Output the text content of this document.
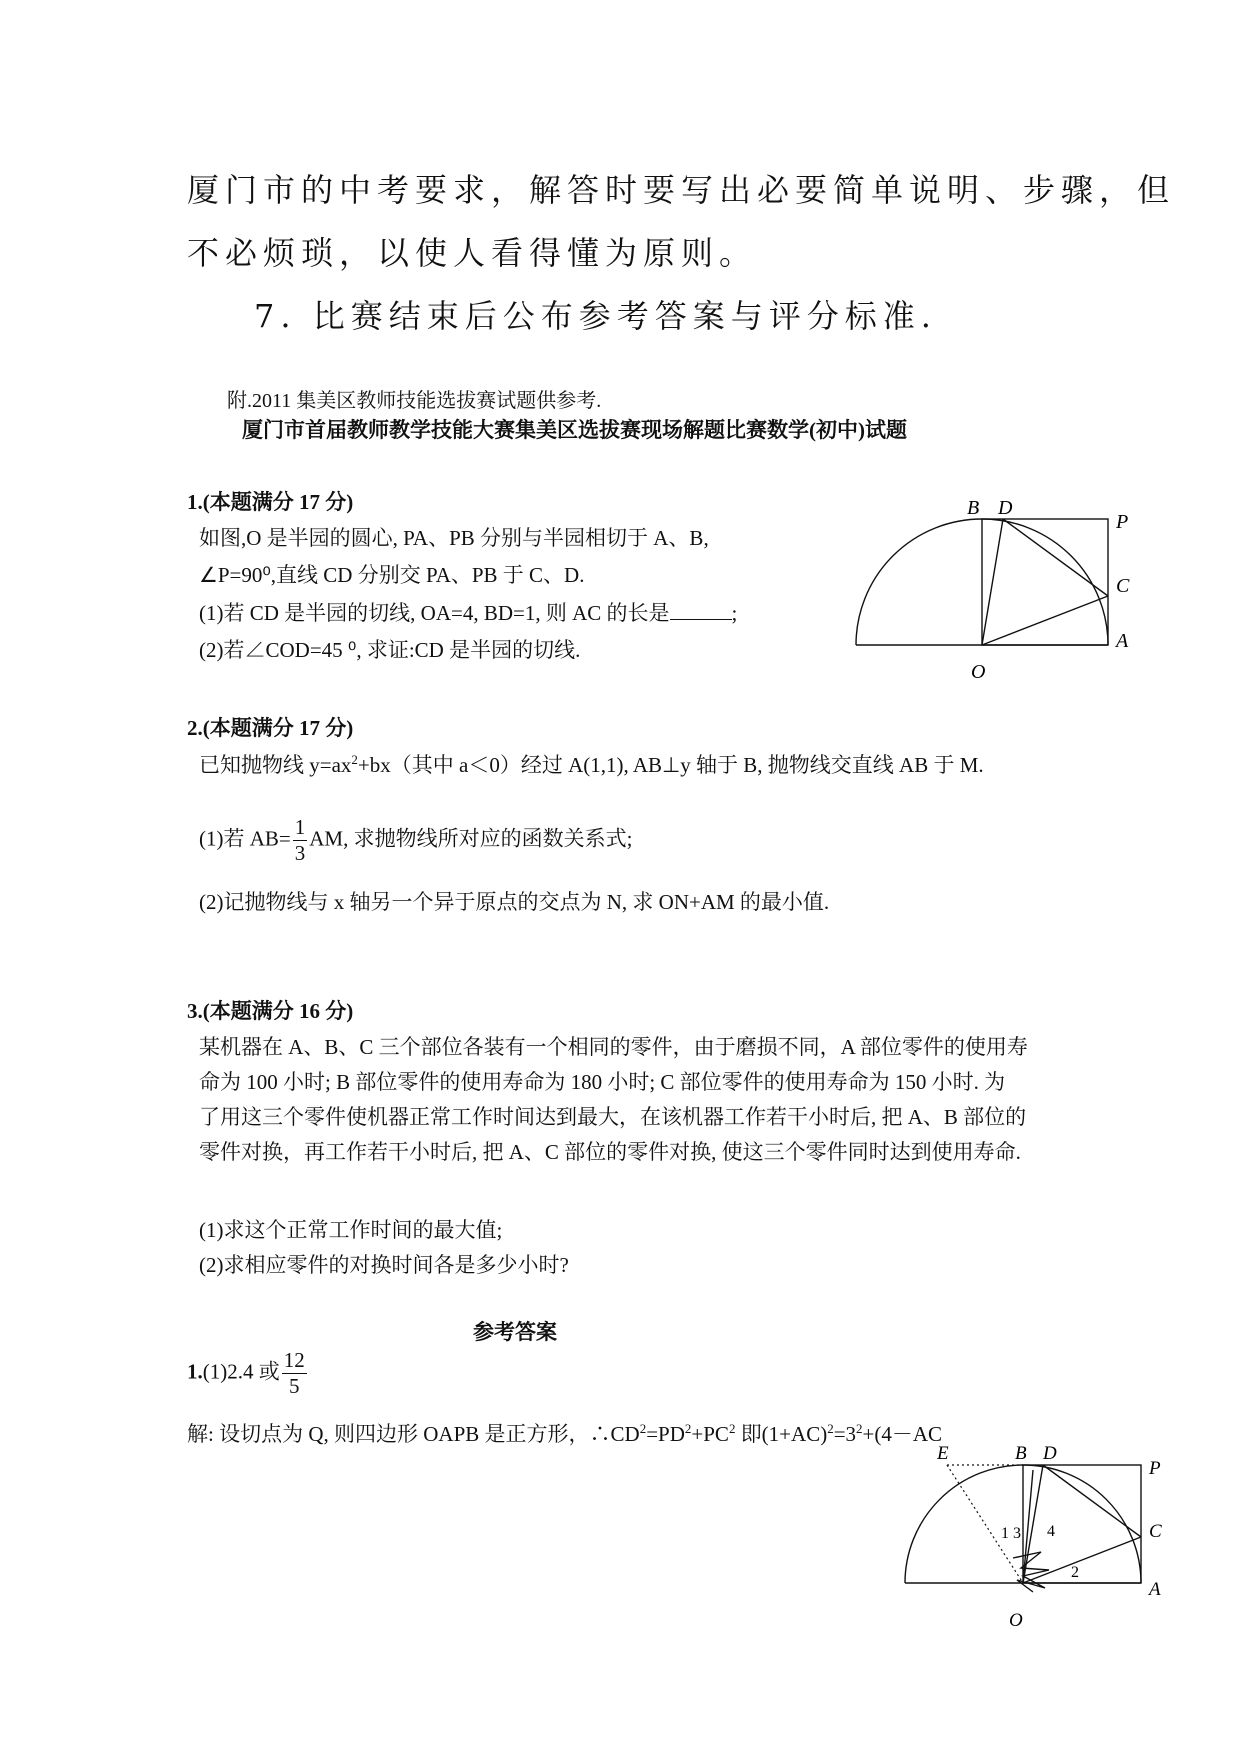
厦门市的中考要求，解答时要写出必要简单说明、步骤，但
不必烦琐，以使人看得懂为原则。
7. 比赛结束后公布参考答案与评分标准.
附.2011 集美区教师技能选拔赛试题供参考.
厦门市首届教师教学技能大赛集美区选拔赛现场解题比赛数学(初中)试题
1.(本题满分 17 分)
如图,O 是半园的圆心, PA、PB 分别与半园相切于 A、B,
∠P=90⁰,直线 CD 分别交 PA、PB 于 C、D.
(1)若 CD 是半园的切线, OA=4, BD=1, 则 AC 的长是	;
(2)若∠COD=45 ⁰, 求证:CD 是半园的切线.
B D
P
C
A
O
2.(本题满分 17 分)
已知抛物线 $y=ax^2+bx$（其中 a＜0）经过 A(1,1), AB⊥y 轴于 B, 抛物线交直线 AB 于 M.
(1)若 $AB= \frac{1}{3}$ AM, 求抛物线所对应的函数关系式;
(2)记抛物线与 x 轴另一个异于原点的交点为 N, 求 ON+AM 的最小值.
3.(本题满分 16 分)
某机器在 A、B、C 三个部位各装有一个相同的零件，由于磨损不同，A 部位零件的使用寿
命为 100 小时; B 部位零件的使用寿命为 180 小时; C 部位零件的使用寿命为 150 小时. 为
了用这三个零件使机器正常工作时间达到最大，在该机器工作若干小时后, 把 A、B 部位的
零件对换，再工作若干小时后, 把 A、C 部位的零件对换, 使这三个零件同时达到使用寿命.
(1)求这个正常工作时间的最大值;
(2)求相应零件的对换时间各是多少小时?
参考答案
1.(1)2.4 或 $\frac{12}{5}$
解: 设切点为 Q, 则四边形 OAPB 是正方形，$\therefore CD^2=PD^2+PC^2$ 即$(1+AC)^2=3^2+(4-AC$
E	B D
P
C
A
O
1 3 4
2
